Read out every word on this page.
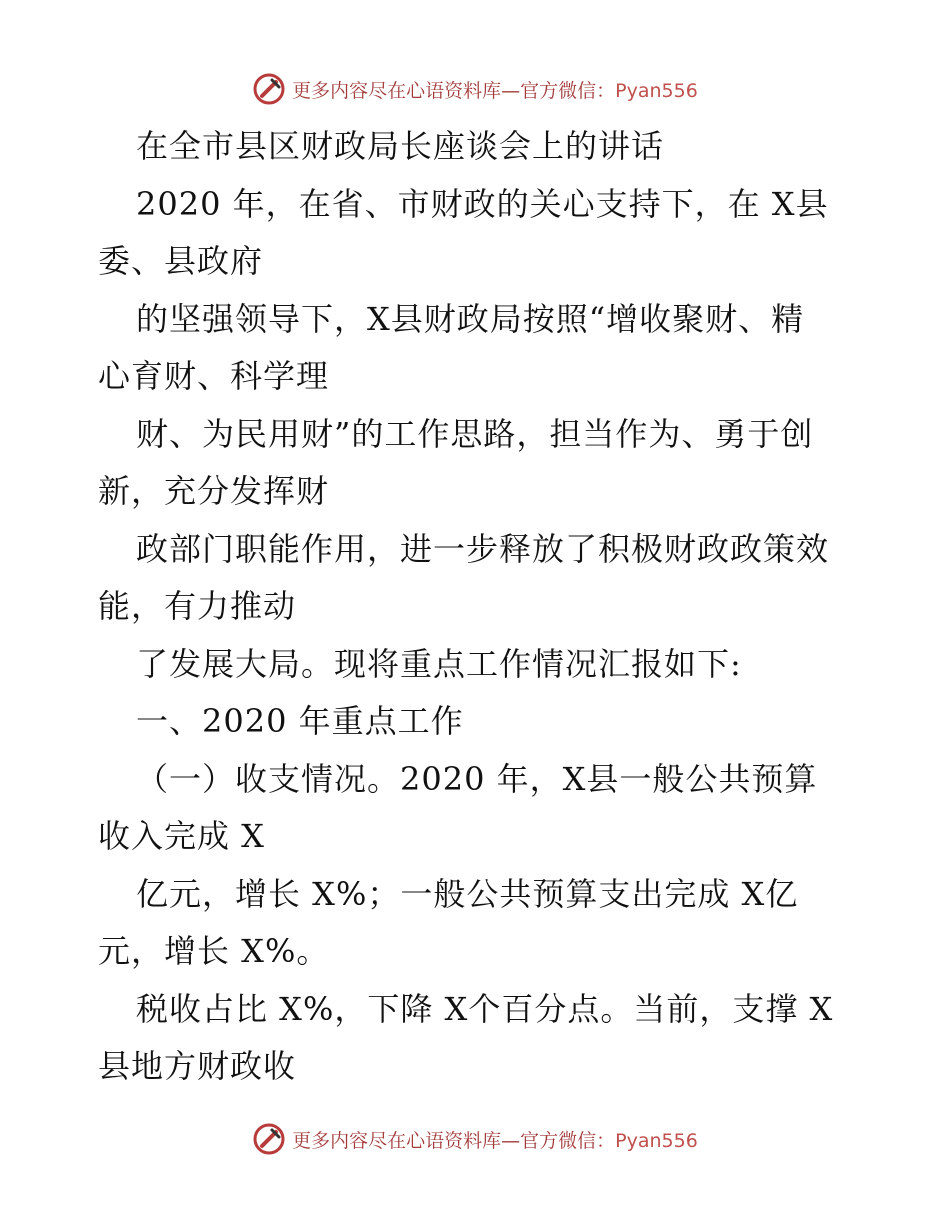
更多内容尽在心语资料库—官方微信：Pyan556
在全市县区财政局长座谈会上的讲话
2020 年，在省、市财政的关心支持下，在 X县
委、县政府
的坚强领导下，X县财政局按照“增收聚财、精
心育财、科学理
财、为民用财”的工作思路，担当作为、勇于创
新，充分发挥财
政部门职能作用，进一步释放了积极财政政策效
能，有力推动
了发展大局。现将重点工作情况汇报如下:
一、2020 年重点工作
（一）收支情况。2020 年，X县一般公共预算
收入完成 X
亿元，增长 X%；一般公共预算支出完成 X亿
元，增长 X%。
税收占比 X%，下降 X个百分点。当前，支撑 X
县地方财政收
更多内容尽在心语资料库—官方微信：Pyan556
